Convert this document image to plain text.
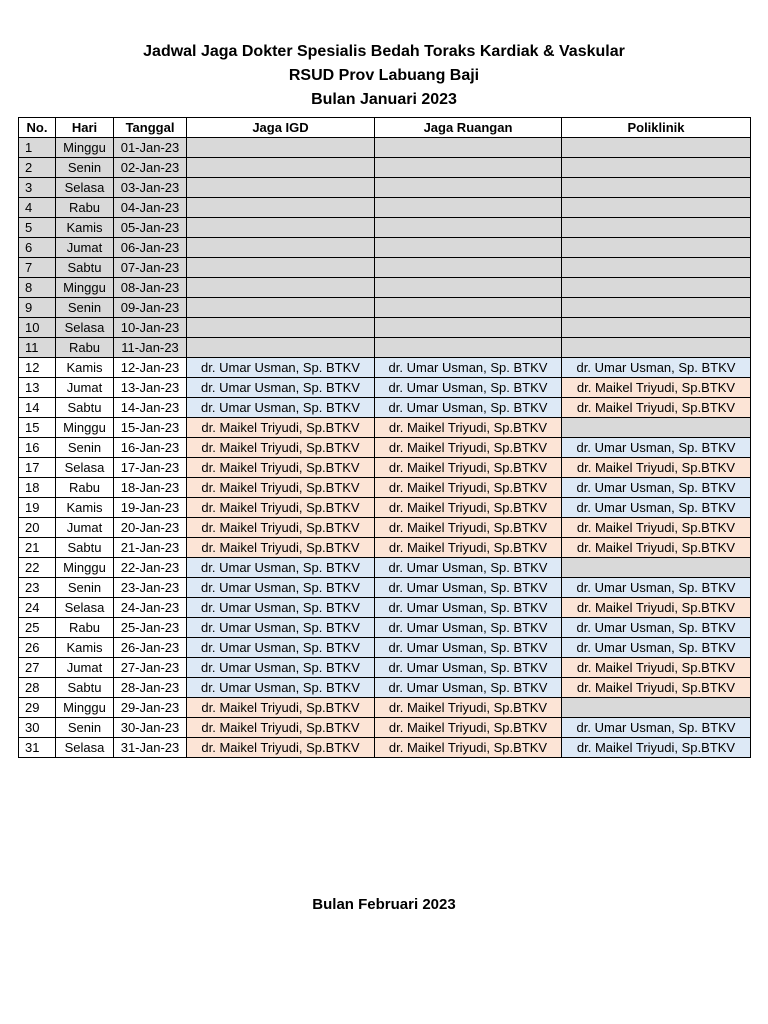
Jadwal Jaga Dokter Spesialis Bedah Toraks Kardiak & Vaskular
RSUD Prov Labuang Baji
Bulan Januari 2023
No.	Hari	Tanggal	Jaga IGD	Jaga Ruangan	Poliklinik
1	Minggu	01-Jan-23			
2	Senin	02-Jan-23			
3	Selasa	03-Jan-23			
4	Rabu	04-Jan-23			
5	Kamis	05-Jan-23			
6	Jumat	06-Jan-23			
7	Sabtu	07-Jan-23			
8	Minggu	08-Jan-23			
9	Senin	09-Jan-23			
10	Selasa	10-Jan-23			
11	Rabu	11-Jan-23			
12	Kamis	12-Jan-23	dr. Umar Usman, Sp. BTKV	dr. Umar Usman, Sp. BTKV	dr. Umar Usman, Sp. BTKV
13	Jumat	13-Jan-23	dr. Umar Usman, Sp. BTKV	dr. Umar Usman, Sp. BTKV	dr. Maikel Triyudi, Sp.BTKV
14	Sabtu	14-Jan-23	dr. Umar Usman, Sp. BTKV	dr. Umar Usman, Sp. BTKV	dr. Maikel Triyudi, Sp.BTKV
15	Minggu	15-Jan-23	dr. Maikel Triyudi, Sp.BTKV	dr. Maikel Triyudi, Sp.BTKV	
16	Senin	16-Jan-23	dr. Maikel Triyudi, Sp.BTKV	dr. Maikel Triyudi, Sp.BTKV	dr. Umar Usman, Sp. BTKV
17	Selasa	17-Jan-23	dr. Maikel Triyudi, Sp.BTKV	dr. Maikel Triyudi, Sp.BTKV	dr. Maikel Triyudi, Sp.BTKV
18	Rabu	18-Jan-23	dr. Maikel Triyudi, Sp.BTKV	dr. Maikel Triyudi, Sp.BTKV	dr. Umar Usman, Sp. BTKV
19	Kamis	19-Jan-23	dr. Maikel Triyudi, Sp.BTKV	dr. Maikel Triyudi, Sp.BTKV	dr. Umar Usman, Sp. BTKV
20	Jumat	20-Jan-23	dr. Maikel Triyudi, Sp.BTKV	dr. Maikel Triyudi, Sp.BTKV	dr. Maikel Triyudi, Sp.BTKV
21	Sabtu	21-Jan-23	dr. Maikel Triyudi, Sp.BTKV	dr. Maikel Triyudi, Sp.BTKV	dr. Maikel Triyudi, Sp.BTKV
22	Minggu	22-Jan-23	dr. Umar Usman, Sp. BTKV	dr. Umar Usman, Sp. BTKV	
23	Senin	23-Jan-23	dr. Umar Usman, Sp. BTKV	dr. Umar Usman, Sp. BTKV	dr. Umar Usman, Sp. BTKV
24	Selasa	24-Jan-23	dr. Umar Usman, Sp. BTKV	dr. Umar Usman, Sp. BTKV	dr. Maikel Triyudi, Sp.BTKV
25	Rabu	25-Jan-23	dr. Umar Usman, Sp. BTKV	dr. Umar Usman, Sp. BTKV	dr. Umar Usman, Sp. BTKV
26	Kamis	26-Jan-23	dr. Umar Usman, Sp. BTKV	dr. Umar Usman, Sp. BTKV	dr. Umar Usman, Sp. BTKV
27	Jumat	27-Jan-23	dr. Umar Usman, Sp. BTKV	dr. Umar Usman, Sp. BTKV	dr. Maikel Triyudi, Sp.BTKV
28	Sabtu	28-Jan-23	dr. Umar Usman, Sp. BTKV	dr. Umar Usman, Sp. BTKV	dr. Maikel Triyudi, Sp.BTKV
29	Minggu	29-Jan-23	dr. Maikel Triyudi, Sp.BTKV	dr. Maikel Triyudi, Sp.BTKV	
30	Senin	30-Jan-23	dr. Maikel Triyudi, Sp.BTKV	dr. Maikel Triyudi, Sp.BTKV	dr. Umar Usman, Sp. BTKV
31	Selasa	31-Jan-23	dr. Maikel Triyudi, Sp.BTKV	dr. Maikel Triyudi, Sp.BTKV	dr. Maikel Triyudi, Sp.BTKV
Bulan Februari 2023
